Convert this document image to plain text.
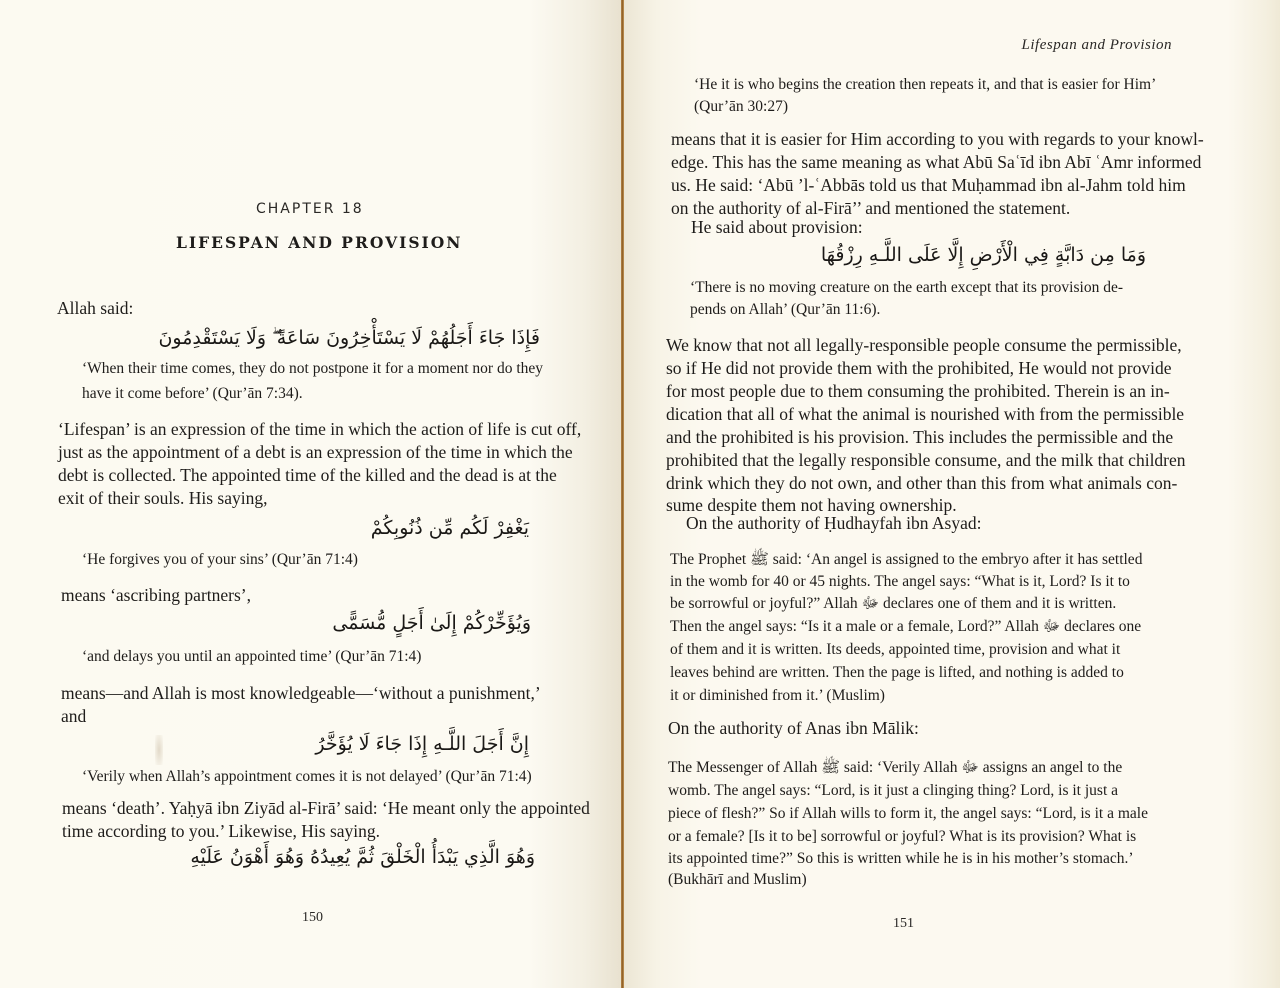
CHAPTER 18
LIFESPAN AND PROVISION
Allah said:
فَإِذَا جَاءَ أَجَلُهُمْ لَا يَسْتَأْخِرُونَ سَاعَةً ۖ وَلَا يَسْتَقْدِمُونَ
‘When their time comes, they do not postpone it for a moment nor do they
have it come before’ (Qur’ān 7:34).
‘Lifespan’ is an expression of the time in which the action of life is cut off,
just as the appointment of a debt is an expression of the time in which the
debt is collected. The appointed time of the killed and the dead is at the
exit of their souls. His saying,
يَغْفِرْ لَكُم مِّن ذُنُوبِكُمْ
‘He forgives you of your sins’ (Qur’ān 71:4)
means ‘ascribing partners’,
وَيُؤَخِّرْكُمْ إِلَىٰ أَجَلٍ مُّسَمًّى
‘and delays you until an appointed time’ (Qur’ān 71:4)
means—and Allah is most knowledgeable—‘without a punishment,’
and
إِنَّ أَجَلَ اللَّـهِ إِذَا جَاءَ لَا يُؤَخَّرُ
‘Verily when Allah’s appointment comes it is not delayed’ (Qur’ān 71:4)
means ‘death’. Yaḥyā ibn Ziyād al-Firā’ said: ‘He meant only the appointed
time according to you.’ Likewise, His saying.
وَهُوَ الَّذِي يَبْدَأُ الْخَلْقَ ثُمَّ يُعِيدُهُ وَهُوَ أَهْوَنُ عَلَيْهِ
150
Lifespan and Provision
‘He it is who begins the creation then repeats it, and that is easier for Him’
(Qur’ān 30:27)
means that it is easier for Him according to you with regards to your knowl-
edge. This has the same meaning as what Abū Saʿīd ibn Abī ʿAmr informed
us. He said: ‘Abū ’l-ʿAbbās told us that Muḥammad ibn al-Jahm told him
on the authority of al-Firā’’ and mentioned the statement.
He said about provision:
وَمَا مِن دَابَّةٍ فِي الْأَرْضِ إِلَّا عَلَى اللَّـهِ رِزْقُهَا
‘There is no moving creature on the earth except that its provision de-
pends on Allah’ (Qur’ān 11:6).
We know that not all legally-responsible people consume the permissible,
so if He did not provide them with the prohibited, He would not provide
for most people due to them consuming the prohibited. Therein is an in-
dication that all of what the animal is nourished with from the permissible
and the prohibited is his provision. This includes the permissible and the
prohibited that the legally responsible consume, and the milk that children
drink which they do not own, and other than this from what animals con-
sume despite them not having ownership.
On the authority of Ḥudhayfah ibn Asyad:
The Prophet ﷺ said: ‘An angel is assigned to the embryo after it has settled
in the womb for 40 or 45 nights. The angel says: “What is it, Lord? Is it to
be sorrowful or joyful?” Allah ﷻ declares one of them and it is written.
Then the angel says: “Is it a male or a female, Lord?” Allah ﷻ declares one
of them and it is written. Its deeds, appointed time, provision and what it
leaves behind are written. Then the page is lifted, and nothing is added to
it or diminished from it.’ (Muslim)
On the authority of Anas ibn Mālik:
The Messenger of Allah ﷺ said: ‘Verily Allah ﷻ assigns an angel to the
womb. The angel says: “Lord, is it just a clinging thing? Lord, is it just a
piece of flesh?” So if Allah wills to form it, the angel says: “Lord, is it a male
or a female? [Is it to be] sorrowful or joyful? What is its provision? What is
its appointed time?” So this is written while he is in his mother’s stomach.’
(Bukhārī and Muslim)
151
